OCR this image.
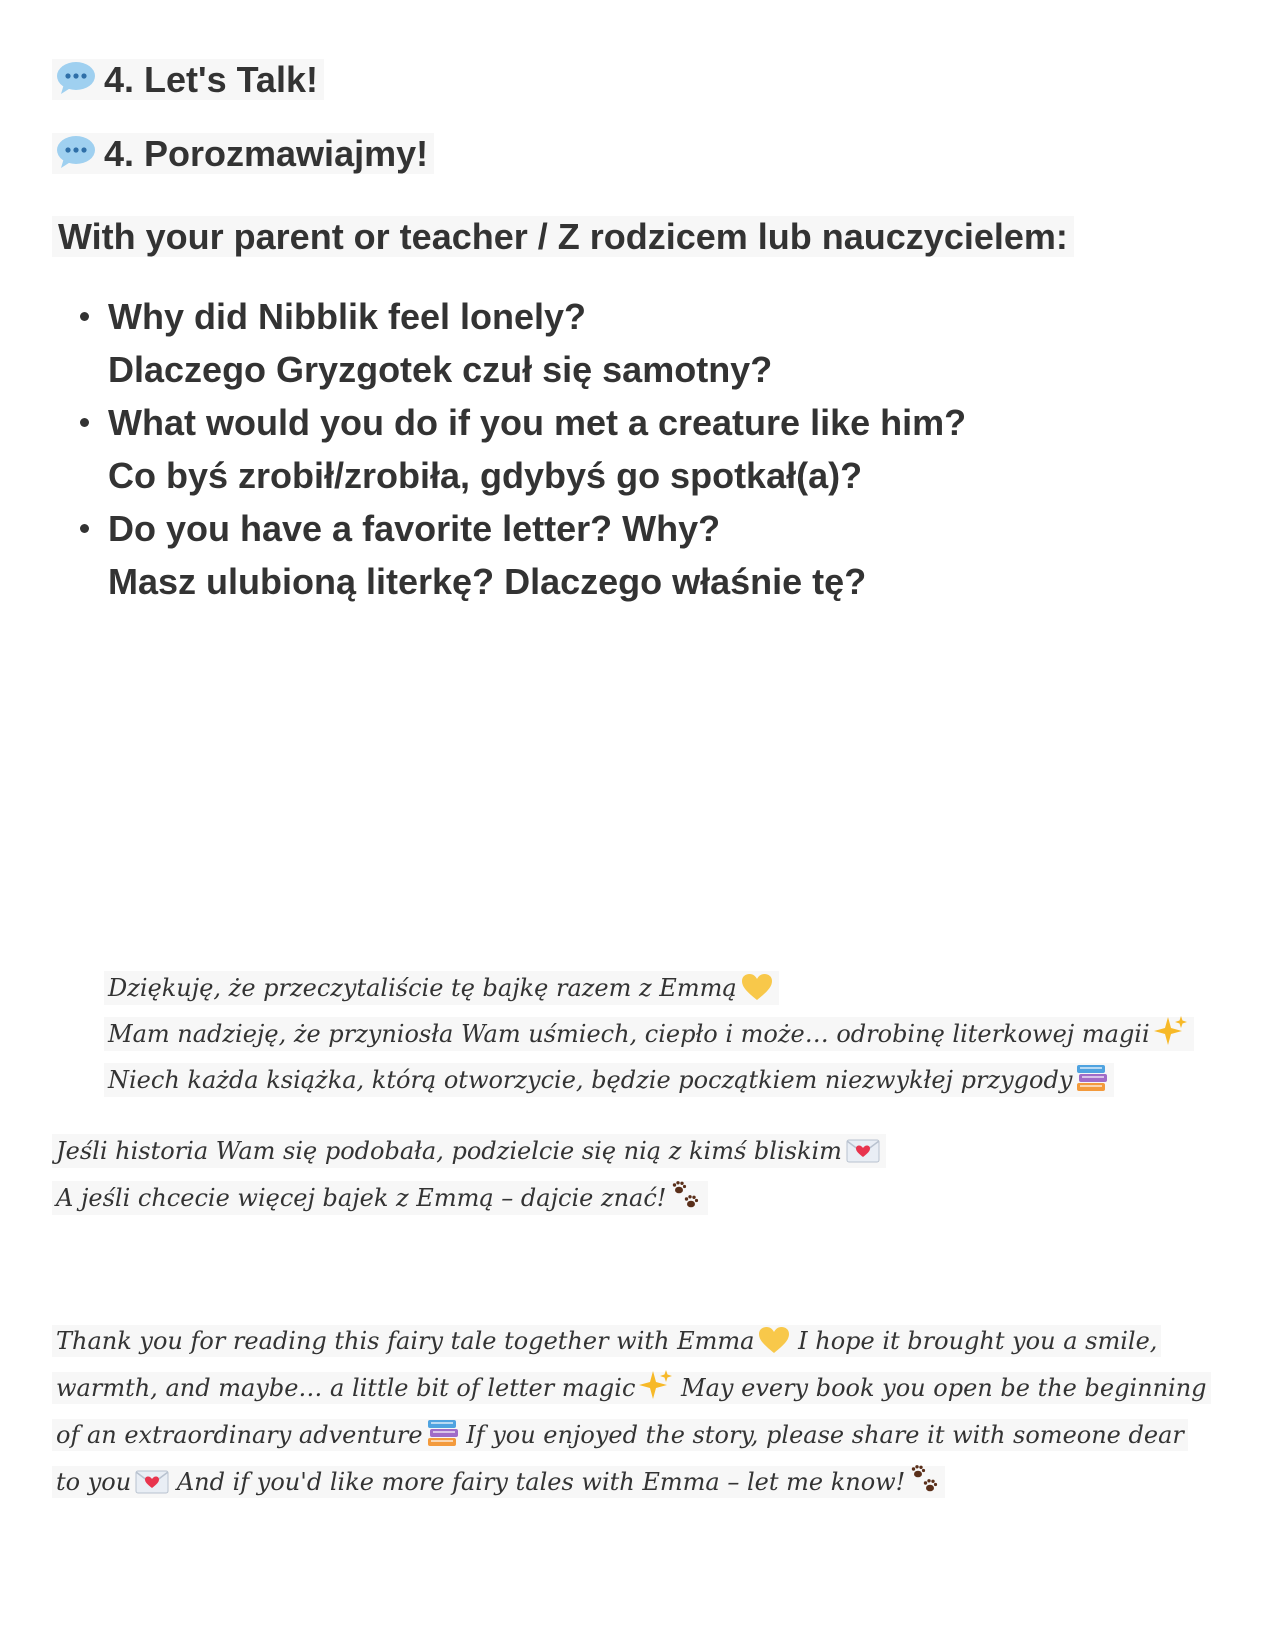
4. Let's Talk!
4. Porozmawiajmy!
With your parent or teacher / Z rodzicem lub nauczycielem:
Why did Nibblik feel lonely?
Dlaczego Gryzgotek czuł się samotny?
What would you do if you met a creature like him?
Co byś zrobił/zrobiła, gdybyś go spotkał(a)?
Do you have a favorite letter? Why?
Masz ulubioną literkę? Dlaczego właśnie tę?
Dziękuję, że przeczytaliście tę bajkę razem z Emmą
Mam nadzieję, że przyniosła Wam uśmiech, ciepło i może… odrobinę literkowej magii
Niech każda książka, którą otworzycie, będzie początkiem niezwykłej przygody
Jeśli historia Wam się podobała, podzielcie się nią z kimś bliskim
A jeśli chcecie więcej bajek z Emmą – dajcie znać!
Thank you for reading this fairy tale together with Emma I hope it brought you a smile, warmth, and maybe… a little bit of letter magic May every book you open be the beginning of an extraordinary adventure If you enjoyed the story, please share it with someone dear to you And if you'd like more fairy tales with Emma – let me know!
